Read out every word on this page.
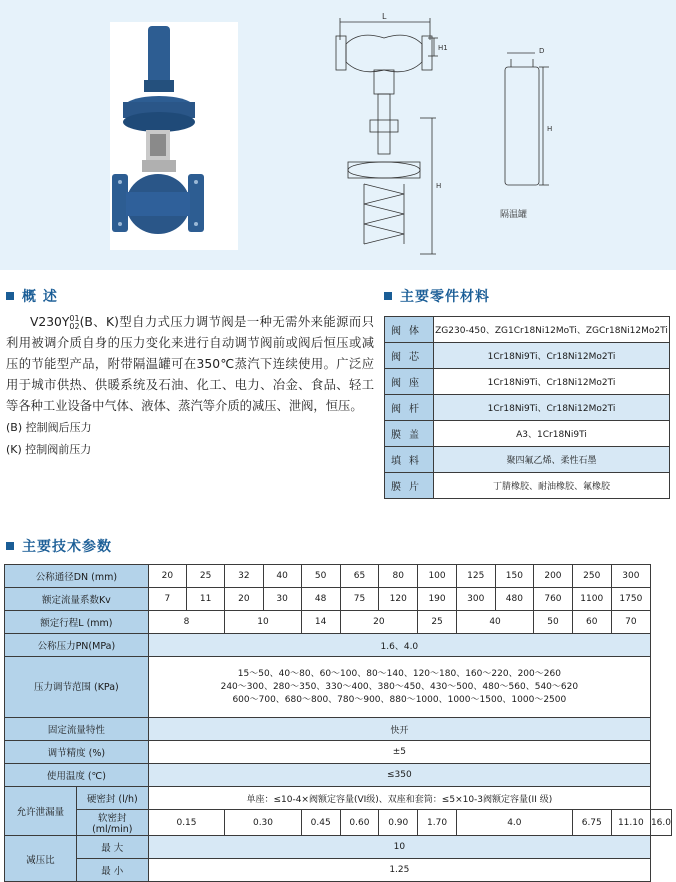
L
H1
H
D
H
隔温罐
概 述

V230Y 01
02 (B、K)型自力式压力调节阀是一种无需外来能源而只利用被调介质自身的压力变化来进行自动调节阀前或阀后恒压或减压的节能型产品，附带隔温罐可在350℃蒸汽下连续使用。广泛应用于城市供热、供暖系统及石油、化工、电力、冶金、食品、轻工等各种工业设备中气体、液体、蒸汽等介质的减压、泄阀，恒压。

(B) 控制阀后压力

(K) 控制阀前压力

主要零件材料
阀体	ZG230-450、ZG1Cr18Ni12MoTi、ZGCr18Ni12Mo2Ti
阀芯	1Cr18Ni9Ti、Cr18Ni12Mo2Ti
阀座	1Cr18Ni9Ti、Cr18Ni12Mo2Ti
阀杆	1Cr18Ni9Ti、Cr18Ni12Mo2Ti
膜盖	A3、1Cr18Ni9Ti
填料	聚四氟乙烯、柔性石墨
膜片	丁腈橡胶、耐油橡胶、氟橡胶
主要技术参数
公称通径DN (mm)		20	25	32	40	50	65	80	100	125	150	200	250	300	
额定流量系数Kv		7	11	20	30	48	75	120	190	300	480	760	1100	1750	
额定行程L (mm)		8		10		14	20		25	40		50	60	70	
公称压力PN(MPa)		1.6、4.0													
压力调节范围 (KPa)		15～50、40～80、60～100、80～140、120～180、160～220、200～260
240～300、280～350、330～400、380～450、430～500、480～560、540～620
600～700、680～800、780～900、880～1000、1000～1500、1000～2500													

固定流量特性		快开													
调节精度 (%)		±5													
使用温度 (℃)		≤350													
允许泄漏量	硬密封 (l/h)	单座：≤10-4×阀额定容量(VI级)、双座和套筒：≤5×10-3阀额定容量(II 级)													
	软密封 (ml/min)	0.15		0.30		0.45	0.60	0.90	1.70	4.0			6.75	11.10	16.0
减压比	最 大	10													
	最 小	1.25													
